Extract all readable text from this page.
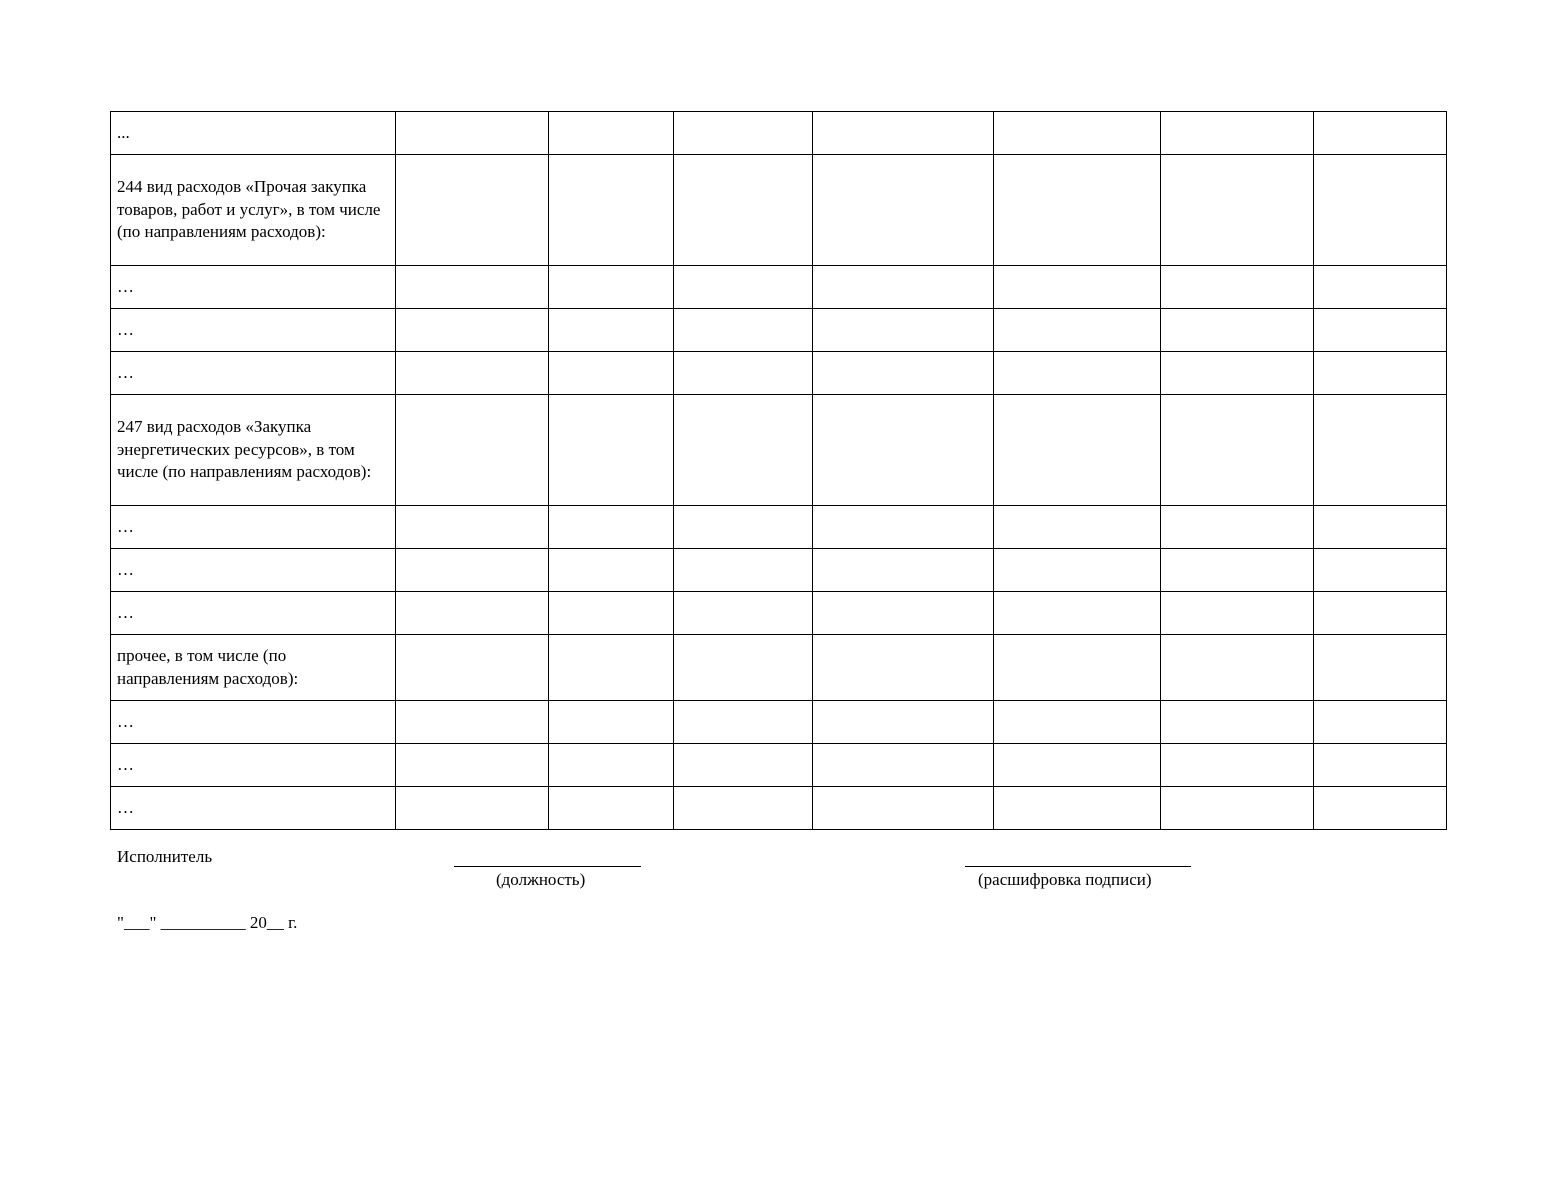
...							
244 вид расходов «Прочая закупка товаров, работ и услуг», в том числе (по направлениям расходов):							
…							
…							
…							
247 вид расходов «Закупка энергетических ресурсов», в том числе (по направлениям расходов):							
…							
…							
…							
прочее, в том числе (по направлениям расходов):							
…							
…							
…							
Исполнитель
(должность)	(расшифровка подписи)
"___" __________ 20__ г.
